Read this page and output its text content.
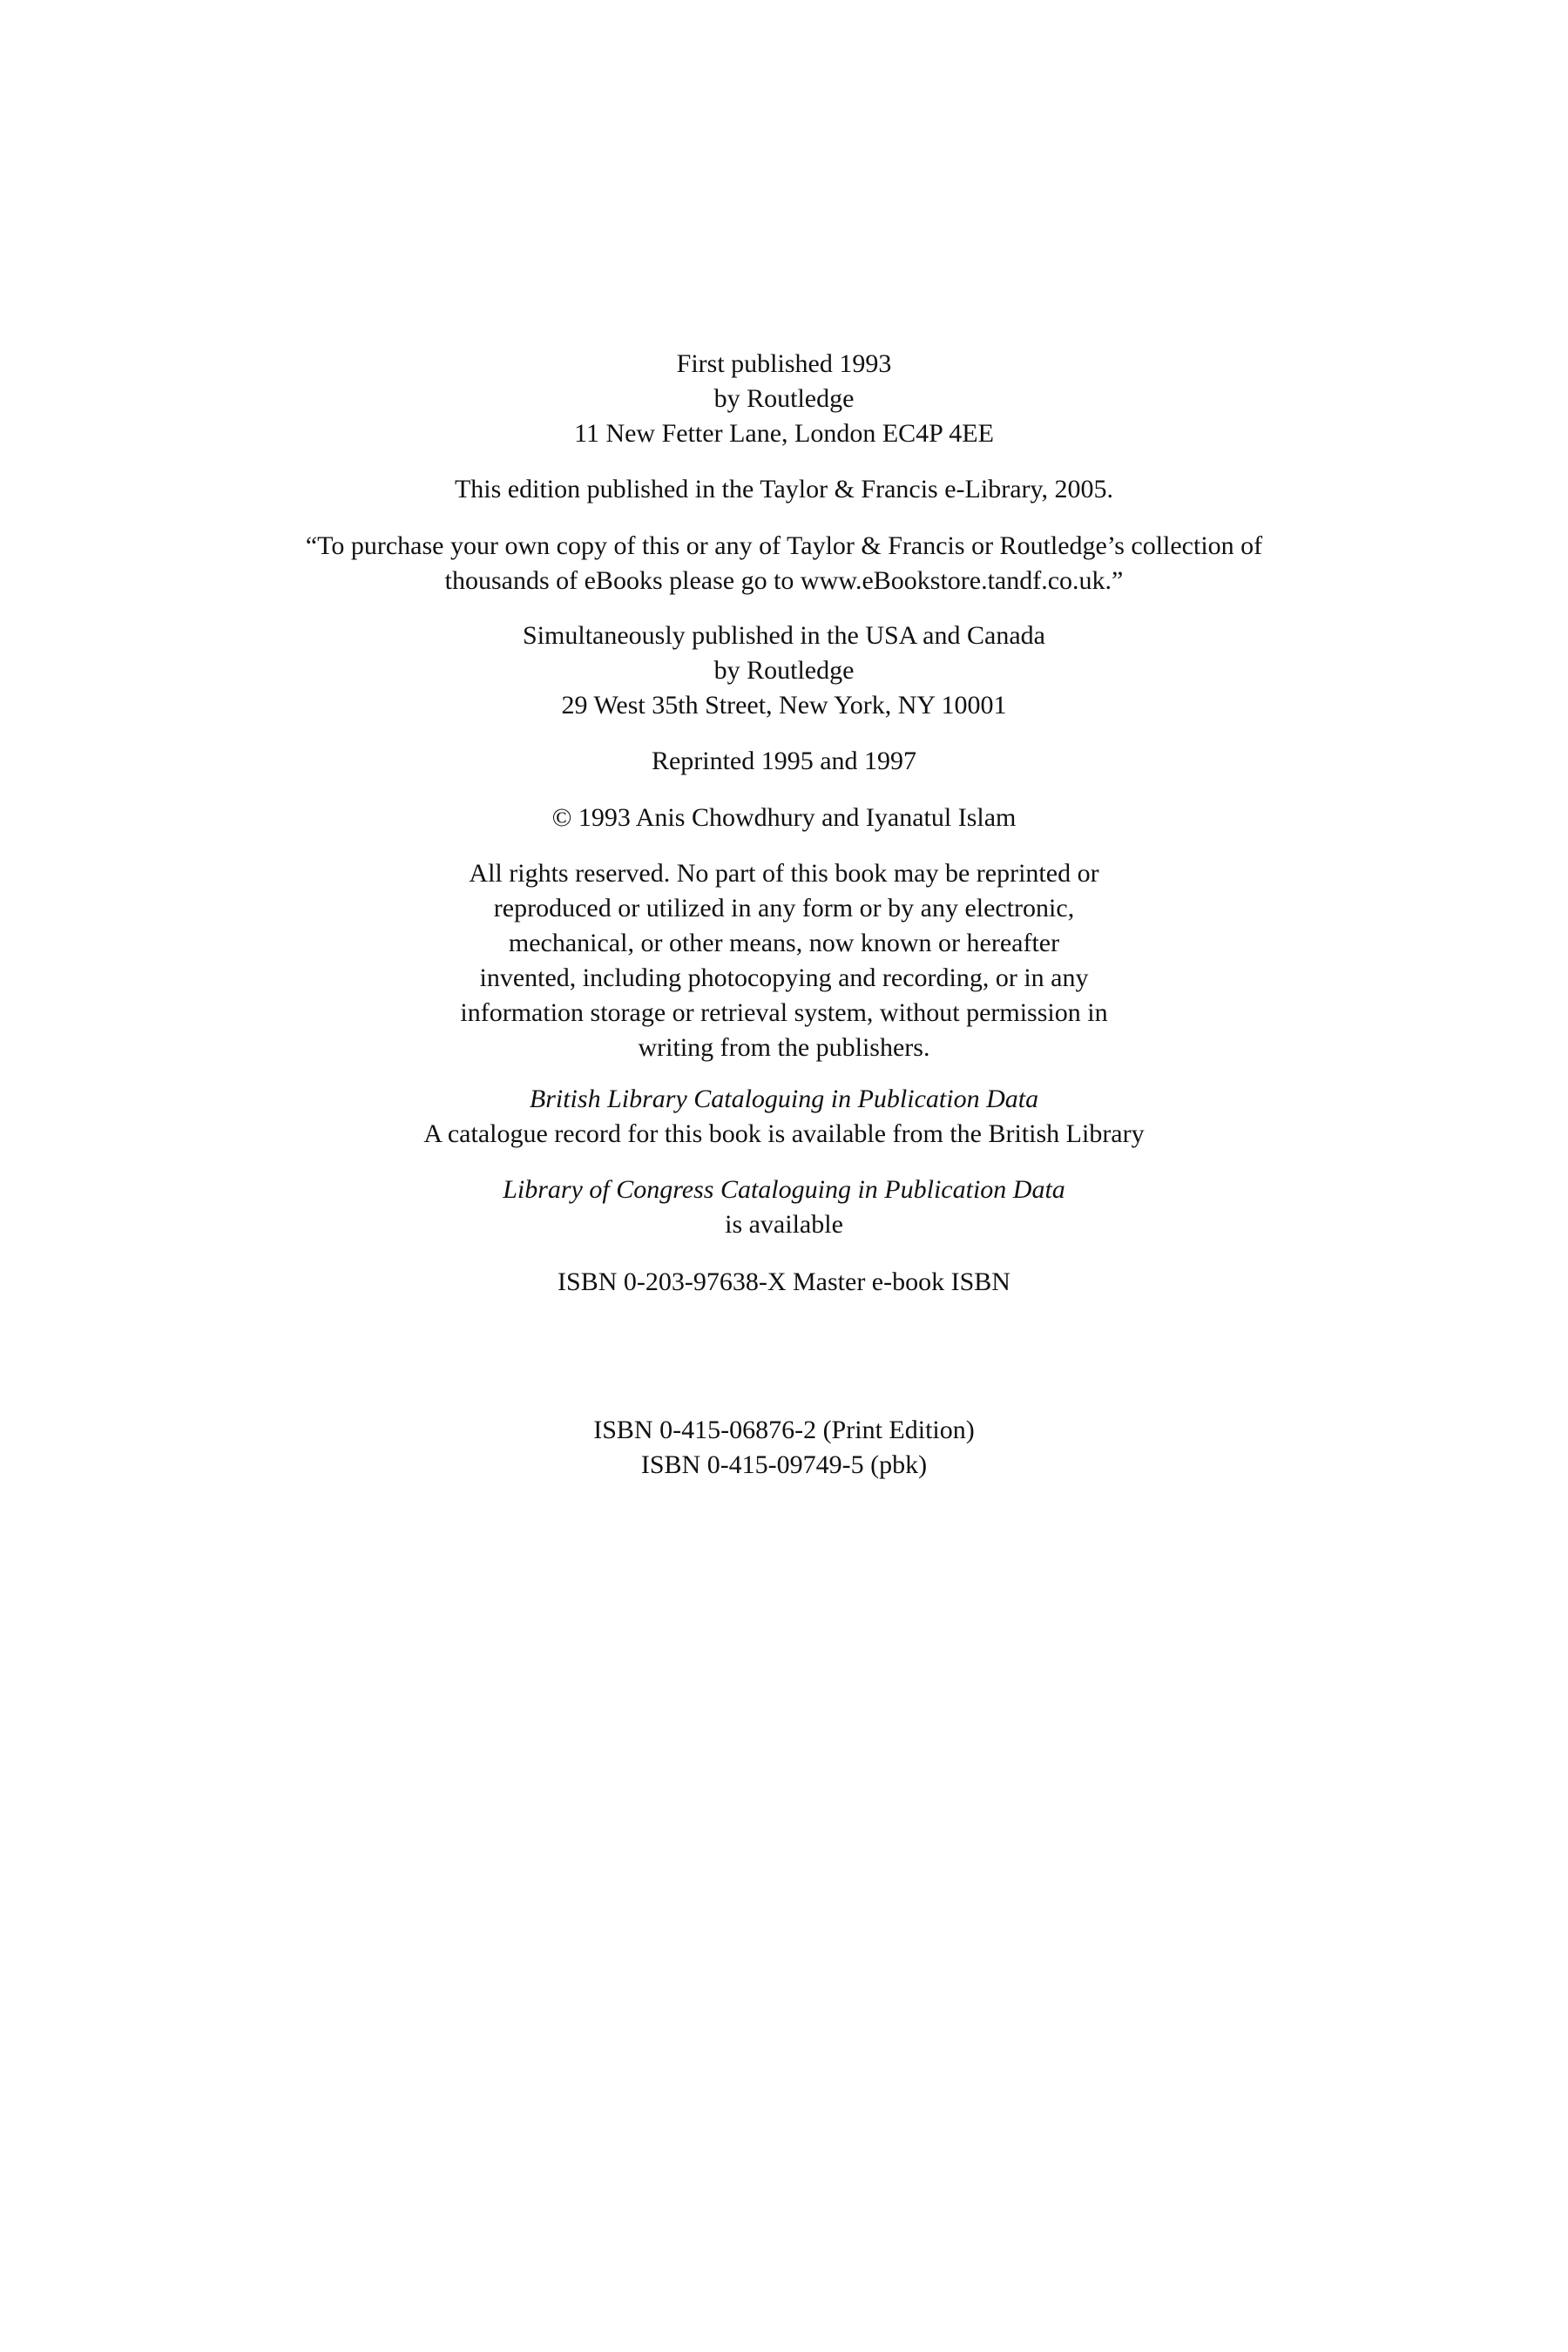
First published 1993
by Routledge
11 New Fetter Lane, London EC4P 4EE
This edition published in the Taylor & Francis e-Library, 2005.
“To purchase your own copy of this or any of Taylor & Francis or Routledge’s collection of
thousands of eBooks please go to www.eBookstore.tandf.co.uk.”
Simultaneously published in the USA and Canada
by Routledge
29 West 35th Street, New York, NY 10001
Reprinted 1995 and 1997
© 1993 Anis Chowdhury and Iyanatul Islam
All rights reserved. No part of this book may be reprinted or
reproduced or utilized in any form or by any electronic,
mechanical, or other means, now known or hereafter
invented, including photocopying and recording, or in any
information storage or retrieval system, without permission in
writing from the publishers.
British Library Cataloguing in Publication Data
A catalogue record for this book is available from the British Library
Library of Congress Cataloguing in Publication Data
is available
ISBN 0-203-97638-X Master e-book ISBN
ISBN 0-415-06876-2 (Print Edition)
ISBN 0-415-09749-5 (pbk)
